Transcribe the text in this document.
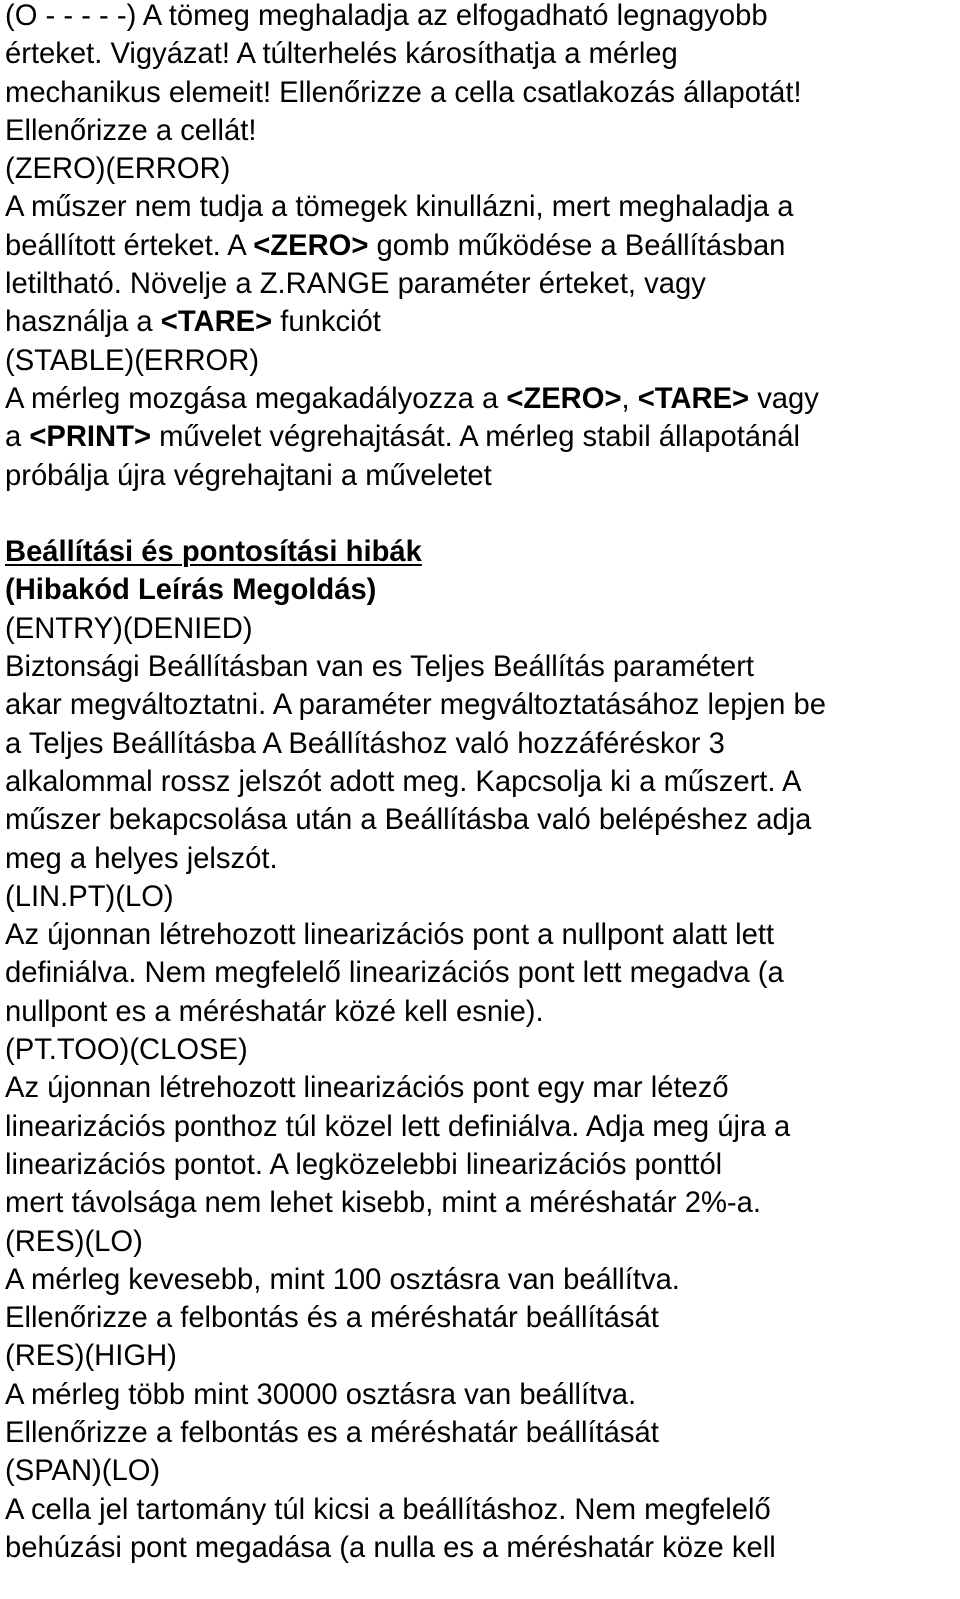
(O - - - - -) A tömeg meghaladja az elfogadható legnagyobb
érteket. Vigyázat! A túlterhelés károsíthatja a mérleg
mechanikus elemeit! Ellenőrizze a cella csatlakozás állapotát!
Ellenőrizze a cellát!
(ZERO)(ERROR)
A műszer nem tudja a tömegek kinullázni, mert meghaladja a
beállított érteket. A <ZERO> gomb működése a Beállításban
letiltható. Növelje a Z.RANGE paraméter érteket, vagy
használja a <TARE> funkciót
(STABLE)(ERROR)
A mérleg mozgása megakadályozza a <ZERO>, <TARE> vagy
a <PRINT> művelet végrehajtását. A mérleg stabil állapotánál
próbálja újra végrehajtani a műveletet
Beállítási és pontosítási hibák
(Hibakód Leírás Megoldás)
(ENTRY)(DENIED)
Biztonsági Beállításban van es Teljes Beállítás paramétert
akar megváltoztatni. A paraméter megváltoztatásához lepjen be
a Teljes Beállításba A Beállításhoz való hozzáféréskor 3
alkalommal rossz jelszót adott meg. Kapcsolja ki a műszert. A
műszer bekapcsolása után a Beállításba való belépéshez adja
meg a helyes jelszót.
(LIN.PT)(LO)
Az újonnan létrehozott linearizációs pont a nullpont alatt lett
definiálva. Nem megfelelő linearizációs pont lett megadva (a
nullpont es a méréshatár közé kell esnie).
(PT.TOO)(CLOSE)
Az újonnan létrehozott linearizációs pont egy mar létező
linearizációs ponthoz túl közel lett definiálva. Adja meg újra a
linearizációs pontot. A legközelebbi linearizációs ponttól
mert távolsága nem lehet kisebb, mint a méréshatár 2%-a.
(RES)(LO)
A mérleg kevesebb, mint 100 osztásra van beállítva.
Ellenőrizze a felbontás és a méréshatár beállítását
(RES)(HIGH)
A mérleg több mint 30000 osztásra van beállítva.
Ellenőrizze a felbontás es a méréshatár beállítását
(SPAN)(LO)
A cella jel tartomány túl kicsi a beállításhoz. Nem megfelelő
behúzási pont megadása (a nulla es a méréshatár köze kell
